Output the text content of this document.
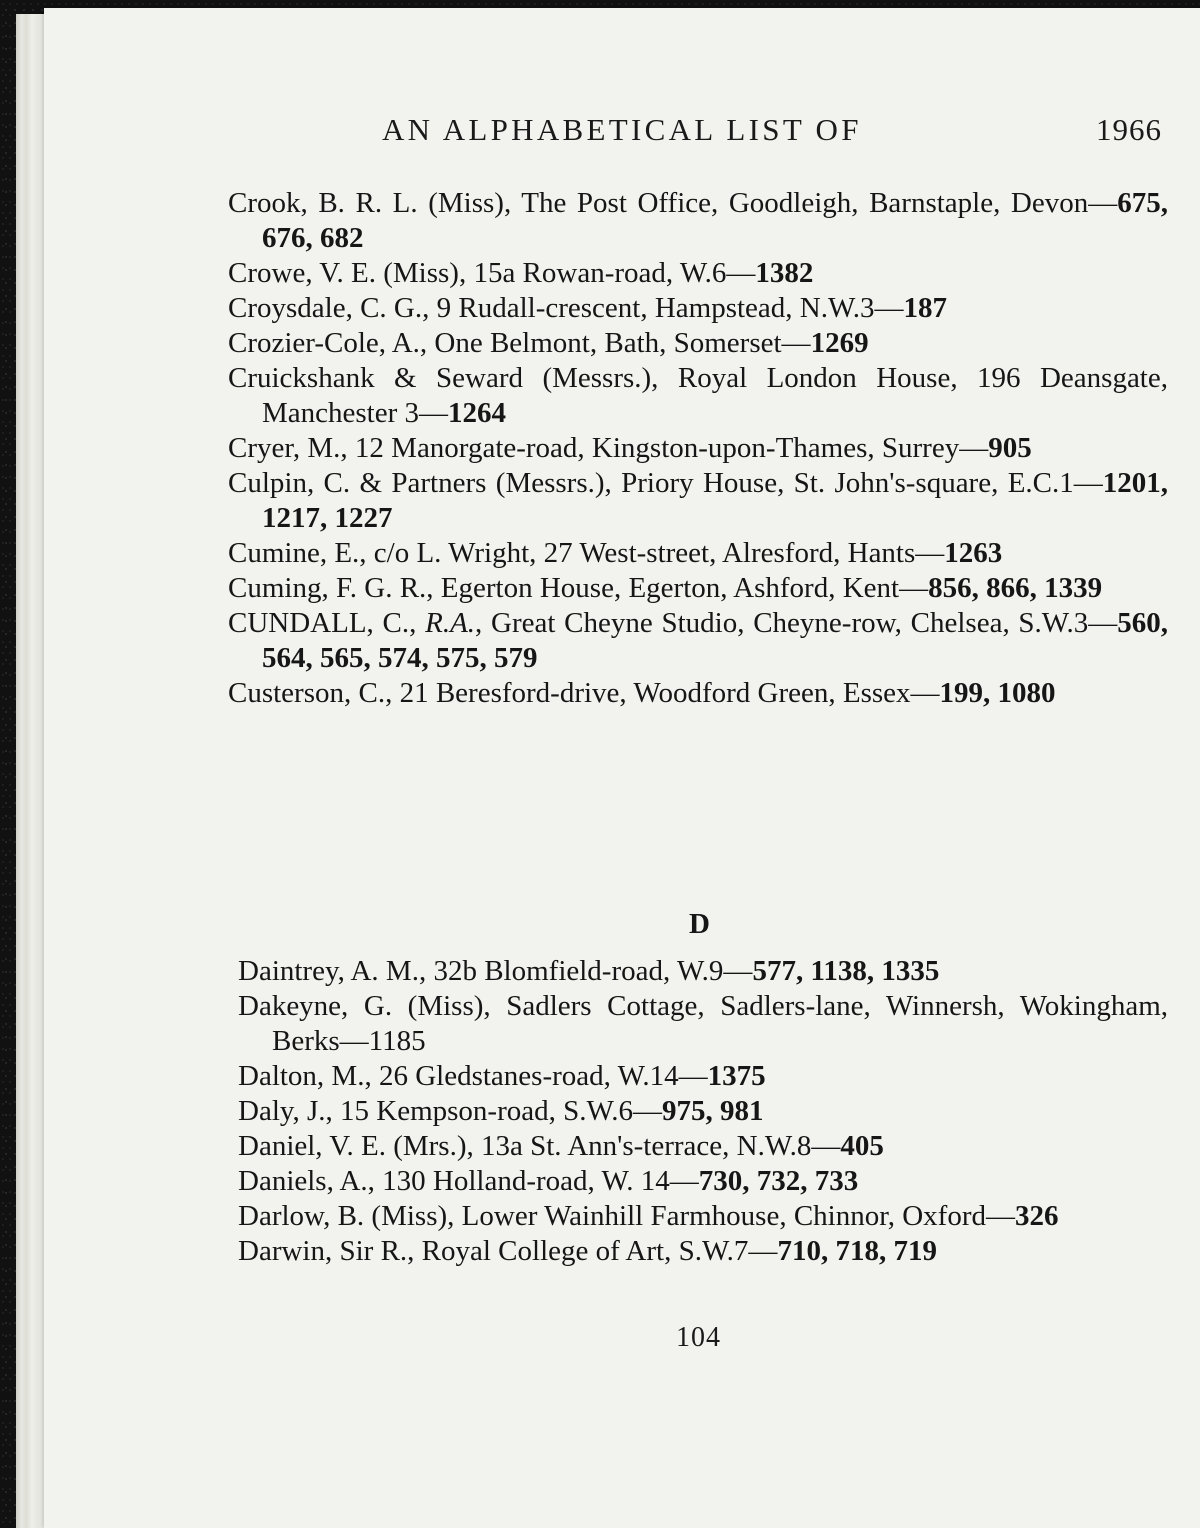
AN ALPHABETICAL LIST OF	1966

Crook, B. R. L. (Miss), The Post Office, Goodleigh, Barnstaple, Devon—675, 676, 682

Crowe, V. E. (Miss), 15a Rowan-road, W.6—1382

Croysdale, C. G., 9 Rudall-crescent, Hampstead, N.W.3—187

Crozier-Cole, A., One Belmont, Bath, Somerset—1269

Cruickshank & Seward (Messrs.), Royal London House, 196 Deansgate, Manchester 3—1264

Cryer, M., 12 Manorgate-road, Kingston-upon-Thames, Surrey—905

Culpin, C. & Partners (Messrs.), Priory House, St. John's-square, E.C.1—1201, 1217, 1227

Cumine, E., c/o L. Wright, 27 West-street, Alresford, Hants—1263

Cuming, F. G. R., Egerton House, Egerton, Ashford, Kent—856, 866, 1339

CUNDALL, C., R.A., Great Cheyne Studio, Cheyne-row, Chelsea, S.W.3—560, 564, 565, 574, 575, 579

Custerson, C., 21 Beresford-drive, Woodford Green, Essex—199, 1080

D

Daintrey, A. M., 32b Blomfield-road, W.9—577, 1138, 1335

Dakeyne, G. (Miss), Sadlers Cottage, Sadlers-lane, Winnersh, Wokingham, Berks—1185

Dalton, M., 26 Gledstanes-road, W.14—1375

Daly, J., 15 Kempson-road, S.W.6—975, 981

Daniel, V. E. (Mrs.), 13a St. Ann's-terrace, N.W.8—405

Daniels, A., 130 Holland-road, W. 14—730, 732, 733

Darlow, B. (Miss), Lower Wainhill Farmhouse, Chinnor, Oxford—326

Darwin, Sir R., Royal College of Art, S.W.7—710, 718, 719

104
